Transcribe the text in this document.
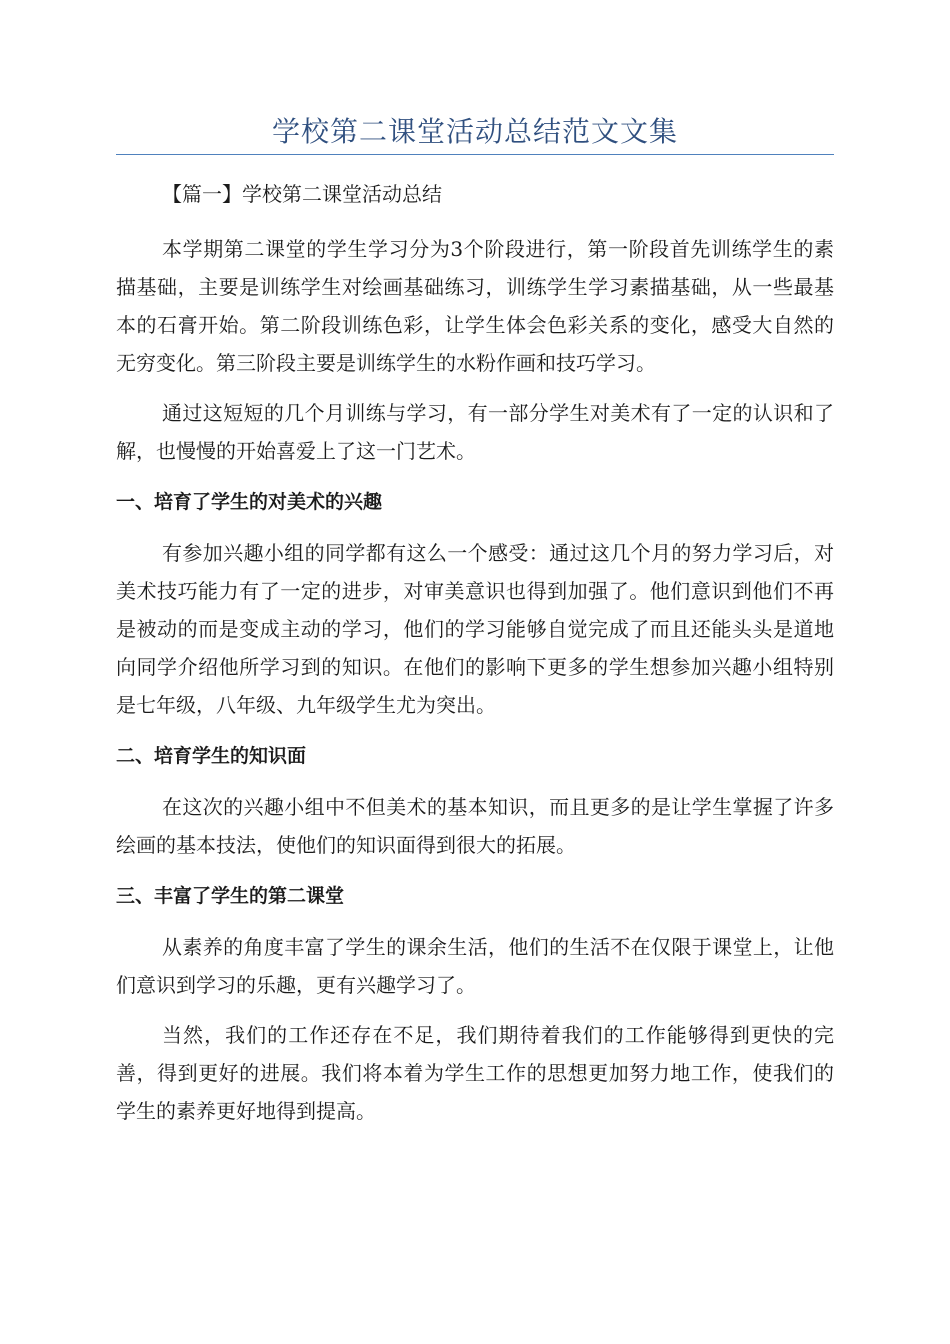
学校第二课堂活动总结范文文集

【篇一】学校第二课堂活动总结

本学期第二课堂的学生学习分为3个阶段进行，第一阶段首先训练学生的素描基础，主要是训练学生对绘画基础练习，训练学生学习素描基础，从一些最基本的石膏开始。第二阶段训练色彩，让学生体会色彩关系的变化，感受大自然的无穷变化。第三阶段主要是训练学生的水粉作画和技巧学习。

通过这短短的几个月训练与学习，有一部分学生对美术有了一定的认识和了解，也慢慢的开始喜爱上了这一门艺术。

一、培育了学生的对美术的兴趣

有参加兴趣小组的同学都有这么一个感受：通过这几个月的努力学习后，对美术技巧能力有了一定的进步，对审美意识也得到加强了。他们意识到他们不再是被动的而是变成主动的学习，他们的学习能够自觉完成了而且还能头头是道地向同学介绍他所学习到的知识。在他们的影响下更多的学生想参加兴趣小组特别是七年级，八年级、九年级学生尤为突出。

二、培育学生的知识面

在这次的兴趣小组中不但美术的基本知识，而且更多的是让学生掌握了许多绘画的基本技法，使他们的知识面得到很大的拓展。

三、丰富了学生的第二课堂

从素养的角度丰富了学生的课余生活，他们的生活不在仅限于课堂上，让他们意识到学习的乐趣，更有兴趣学习了。

当然，我们的工作还存在不足，我们期待着我们的工作能够得到更快的完善，得到更好的进展。我们将本着为学生工作的思想更加努力地工作，使我们的学生的素养更好地得到提高。
